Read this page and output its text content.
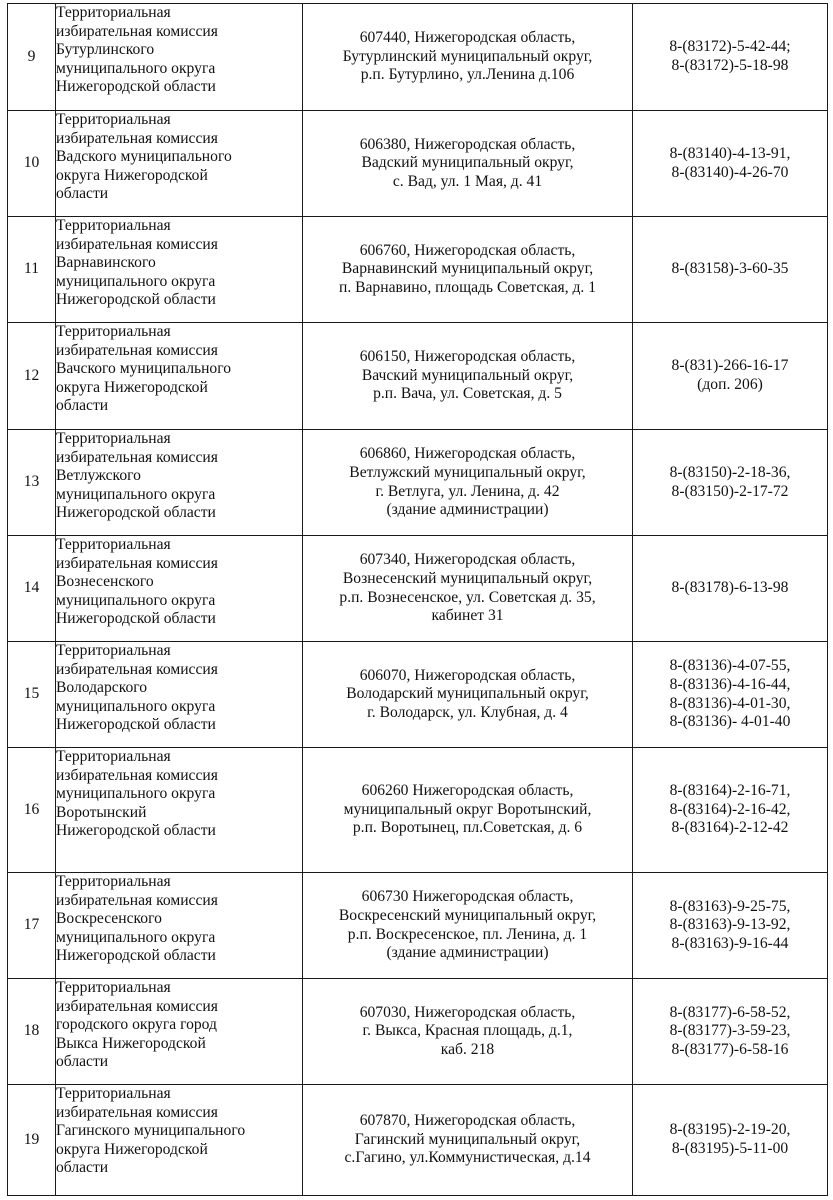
9	Территориальная
избирательная комиссия
Бутурлинского
муниципального округа
Нижегородской области	607440, Нижегородская область,
Бутурлинский муниципальный округ,
р.п. Бутурлино, ул.Ленина д.106	8-(83172)-5-42-44;
8-(83172)-5-18-98

10	Территориальная
избирательная комиссия
Вадского муниципального
округа Нижегородской
области	606380, Нижегородская область,
Вадский муниципальный округ,
с. Вад, ул. 1 Мая, д. 41	8-(83140)-4-13-91,
8-(83140)-4-26-70

11	Территориальная
избирательная комиссия
Варнавинского
муниципального округа
Нижегородской области	606760, Нижегородская область,
Варнавинский муниципальный округ,
п. Варнавино, площадь Советская, д. 1	8-(83158)-3-60-35

12	Территориальная
избирательная комиссия
Вачского муниципального
округа Нижегородской
области	606150, Нижегородская область,
Вачский муниципальный округ,
р.п. Вача, ул. Советская, д. 5	8-(831)-266-16-17
(доп. 206)

13	Территориальная
избирательная комиссия
Ветлужского
муниципального округа
Нижегородской области	606860, Нижегородская область,
Ветлужский муниципальный округ,
г. Ветлуга, ул. Ленина, д. 42
(здание администрации)	8-(83150)-2-18-36,
8-(83150)-2-17-72

14	Территориальная
избирательная комиссия
Вознесенского
муниципального округа
Нижегородской области	607340, Нижегородская область,
Вознесенский муниципальный округ,
р.п. Вознесенское, ул. Советская д. 35,
кабинет 31	8-(83178)-6-13-98

15	Территориальная
избирательная комиссия
Володарского
муниципального округа
Нижегородской области	606070, Нижегородская область,
Володарский муниципальный округ,
г. Володарск, ул. Клубная, д. 4	8-(83136)-4-07-55,
8-(83136)-4-16-44,
8-(83136)-4-01-30,
8-(83136)- 4-01-40

16	Территориальная
избирательная комиссия
муниципального округа
Воротынский
Нижегородской области	606260 Нижегородская область,
муниципальный округ Воротынский,
р.п. Воротынец, пл.Советская, д. 6	8-(83164)-2-16-71,
8-(83164)-2-16-42,
8-(83164)-2-12-42

17	Территориальная
избирательная комиссия
Воскресенского
муниципального округа
Нижегородской области	606730 Нижегородская область,
Воскресенский муниципальный округ,
р.п. Воскресенское, пл. Ленина, д. 1
(здание администрации)	8-(83163)-9-25-75,
8-(83163)-9-13-92,
8-(83163)-9-16-44

18	Территориальная
избирательная комиссия
городского округа город
Выкса Нижегородской
области	607030, Нижегородская область,
г. Выкса, Красная площадь, д.1,
каб. 218	8-(83177)-6-58-52,
8-(83177)-3-59-23,
8-(83177)-6-58-16

19	Территориальная
избирательная комиссия
Гагинского муниципального
округа Нижегородской
области	607870, Нижегородская область,
Гагинский муниципальный округ,
с.Гагино, ул.Коммунистическая, д.14	8-(83195)-2-19-20,
8-(83195)-5-11-00
